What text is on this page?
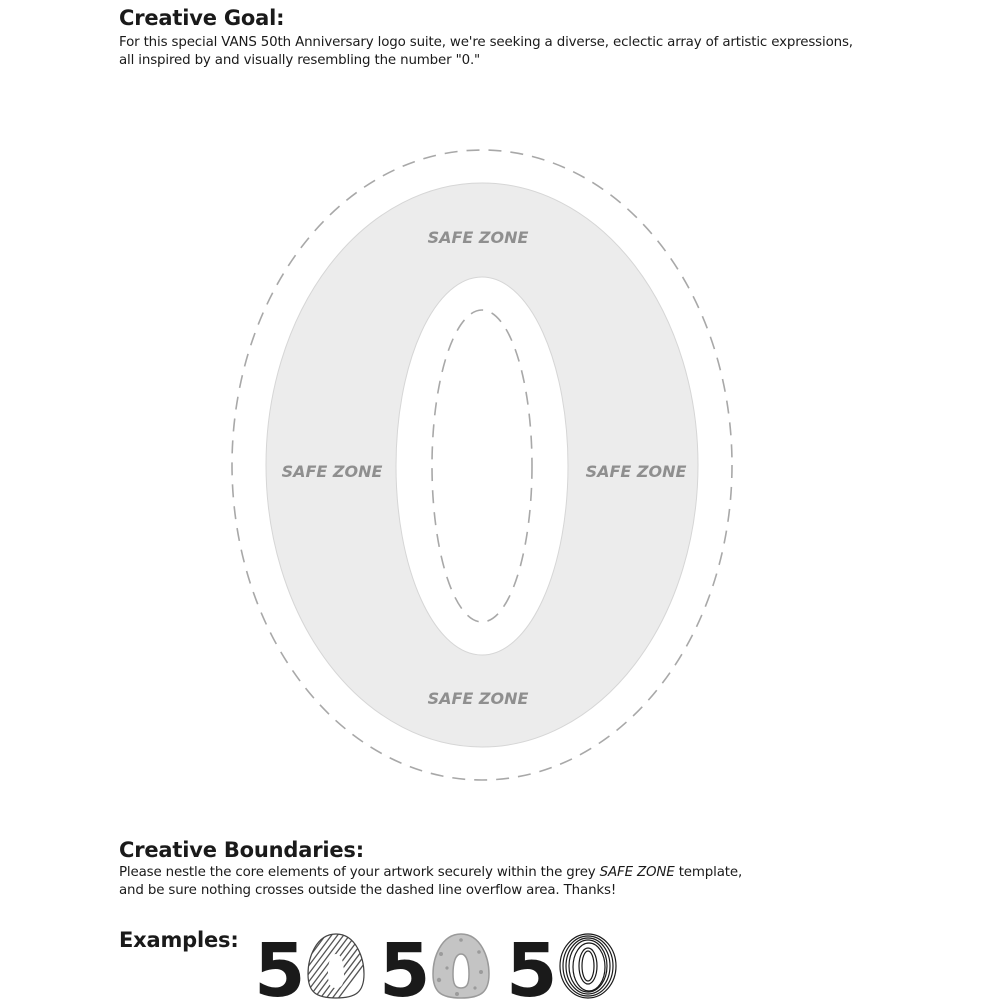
Creative Goal:

For this special VANS 50th Anniversary logo suite, we're seeking a diverse, eclectic array of artistic expressions,
all inspired by and visually resembling the number "0."

SAFE ZONE
SAFE ZONE	SAFE ZONE
SAFE ZONE
Creative Boundaries:

Please nestle the core elements of your artwork securely within the grey SAFE ZONE template,
and be sure nothing crosses outside the dashed line overflow area. Thanks!

Examples: 5 5 5
